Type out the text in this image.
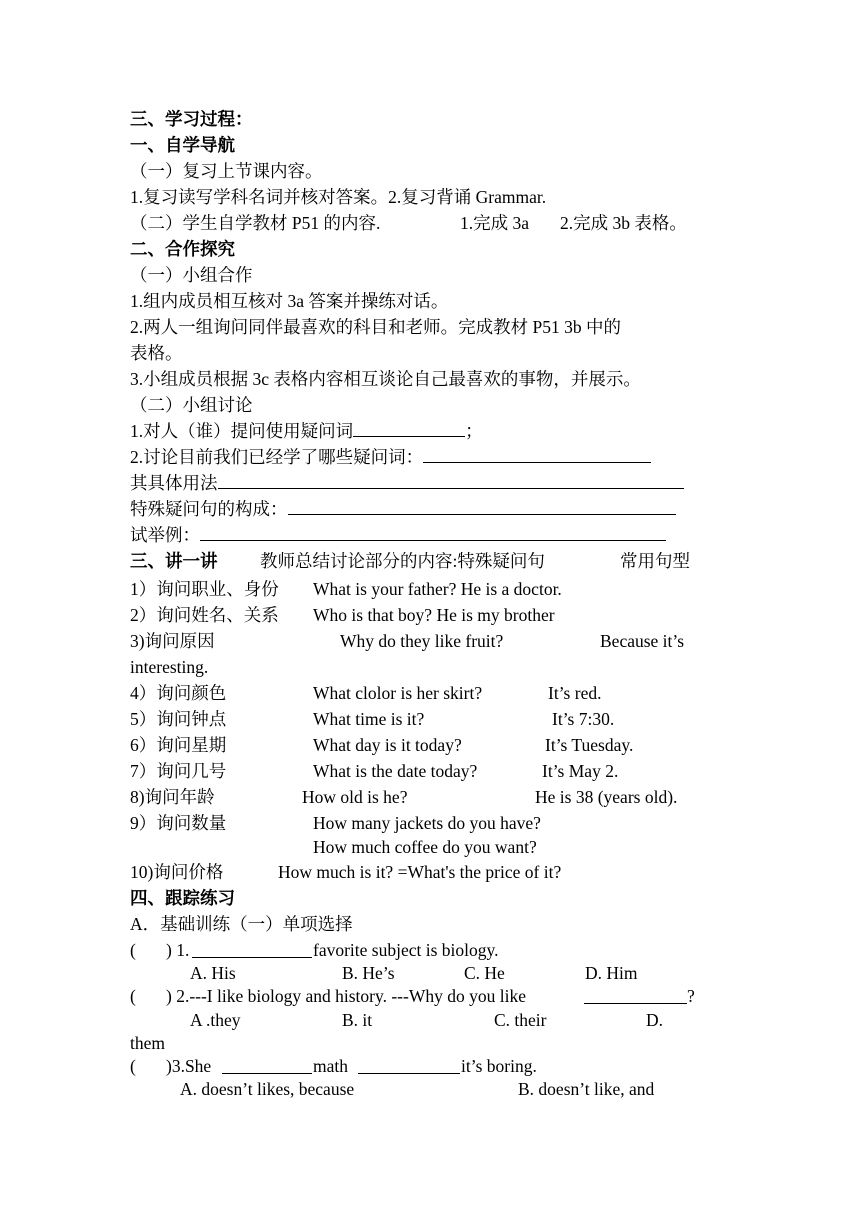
三、学习过程：
一、自学导航
（一）复习上节课内容。
1.复习读写学科名词并核对答案。2.复习背诵 Grammar.
（二）学生自学教材 P51 的内容.	1.完成 3a 2.完成 3b 表格。
二、合作探究
（一）小组合作
1.组内成员相互核对 3a 答案并操练对话。
2.两人一组询问同伴最喜欢的科目和老师。完成教材 P51 3b 中的
表格。
3.小组成员根据 3c 表格内容相互谈论自己最喜欢的事物，并展示。
（二）小组讨论
1.对人（谁）提问使用疑问词	；
2.讨论目前我们已经学了哪些疑问词：
其具体用法
特殊疑问句的构成：
试举例：
三、讲一讲 教师总结讨论部分的内容:特殊疑问句	常用句型
1）询问职业、身份 What is your father? He is a doctor.
2）询问姓名、关系 Who is that boy? He is my brother
3)询问原因	Why do they like fruit?	Because it’s
interesting.
4）询问颜色	What clolor is her skirt?	It’s red.
5）询问钟点	What time is it?	It’s 7:30.
6）询问星期	What day is it today?	It’s Tuesday.
7）询问几号	What is the date today?	It’s May 2.
8)询问年龄	How old is he?	He is 38 (years old).
9）询问数量	How many jackets do you have?
How much coffee do you want?
10)询问价格	How much is it? =What's the price of it?
四、跟踪练习
A．基础训练（一）单项选择
( ) 1.	favorite subject is biology.
A. His	B. He’s	C. He	D. Him
( ) 2.---I like biology and history. ---Why do you like	?
A .they	B. it	C. their	D.
them
( )3.She	math	it’s boring.
A. doesn’t likes, because	B. doesn’t like, and
